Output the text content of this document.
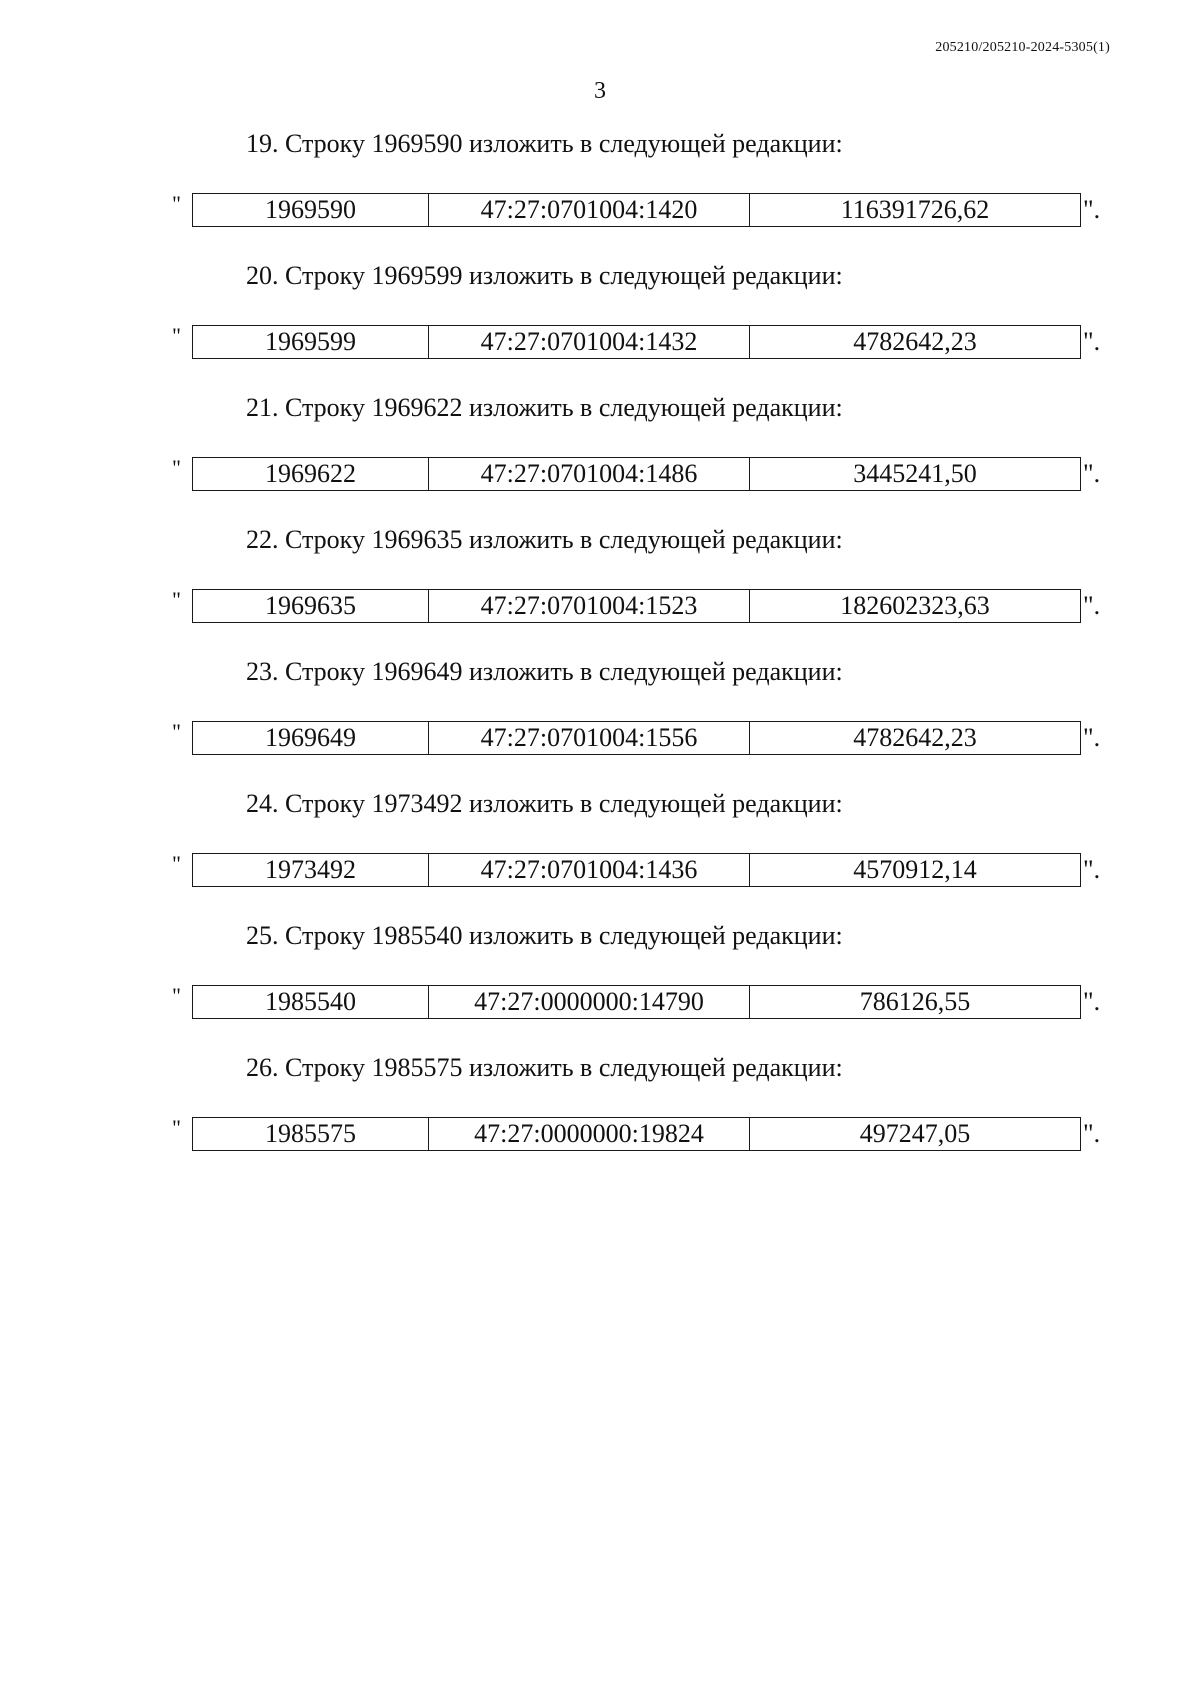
205210/205210-2024-5305(1)
3
19. Строку 1969590 изложить в следующей редакции:
"	1969590	47:27:0701004:1420	116391726,62	".
20. Строку 1969599 изложить в следующей редакции:
"	1969599	47:27:0701004:1432	4782642,23	".
21. Строку 1969622 изложить в следующей редакции:
"	1969622	47:27:0701004:1486	3445241,50	".
22. Строку 1969635 изложить в следующей редакции:
"	1969635	47:27:0701004:1523	182602323,63	".
23. Строку 1969649 изложить в следующей редакции:
"	1969649	47:27:0701004:1556	4782642,23	".
24. Строку 1973492 изложить в следующей редакции:
"	1973492	47:27:0701004:1436	4570912,14	".
25. Строку 1985540 изложить в следующей редакции:
"	1985540	47:27:0000000:14790	786126,55	".
26. Строку 1985575 изложить в следующей редакции:
"	1985575	47:27:0000000:19824	497247,05	".
